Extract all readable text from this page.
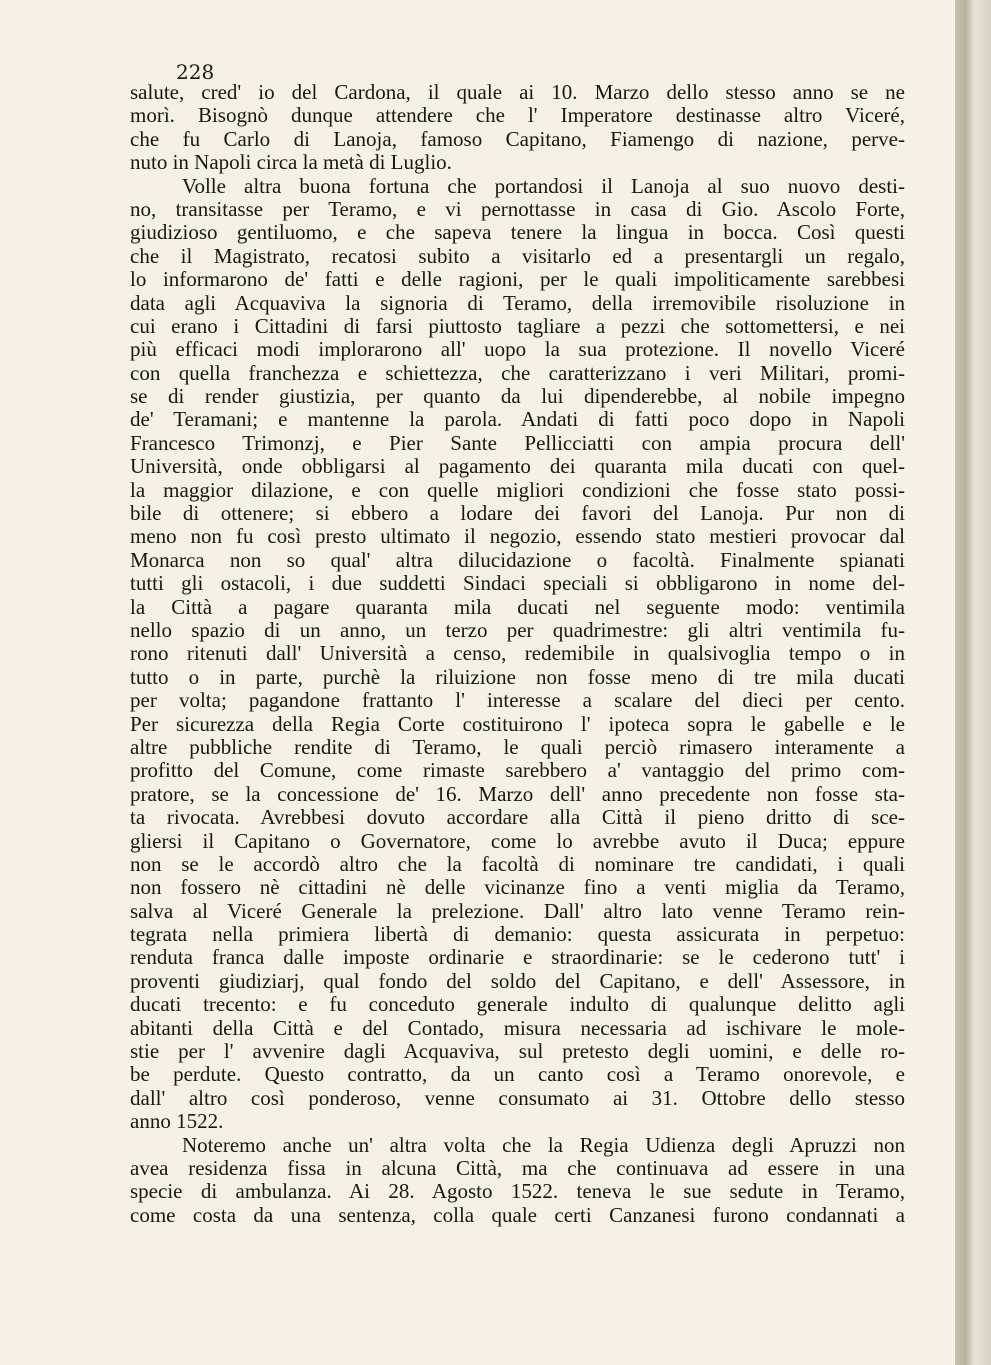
228
salute, cred' io del Cardona, il quale ai 10. Marzo dello stesso anno se ne
morì. Bisognò dunque attendere che l' Imperatore destinasse altro Viceré,
che fu Carlo di Lanoja, famoso Capitano, Fiamengo di nazione, perve-
nuto in Napoli circa la metà di Luglio.
Volle altra buona fortuna che portandosi il Lanoja al suo nuovo desti-
no, transitasse per Teramo, e vi pernottasse in casa di Gio. Ascolo Forte,
giudizioso gentiluomo, e che sapeva tenere la lingua in bocca. Così questi
che il Magistrato, recatosi subito a visitarlo ed a presentargli un regalo,
lo informarono de' fatti e delle ragioni, per le quali impoliticamente sarebbesi
data agli Acquaviva la signoria di Teramo, della irremovibile risoluzione in
cui erano i Cittadini di farsi piuttosto tagliare a pezzi che sottomettersi, e nei
più efficaci modi implorarono all' uopo la sua protezione. Il novello Viceré
con quella franchezza e schiettezza, che caratterizzano i veri Militari, promi-
se di render giustizia, per quanto da lui dipenderebbe, al nobile impegno
de' Teramani; e mantenne la parola. Andati di fatti poco dopo in Napoli
Francesco Trimonzj, e Pier Sante Pellicciatti con ampia procura dell'
Università, onde obbligarsi al pagamento dei quaranta mila ducati con quel-
la maggior dilazione, e con quelle migliori condizioni che fosse stato possi-
bile di ottenere; si ebbero a lodare dei favori del Lanoja. Pur non di
meno non fu così presto ultimato il negozio, essendo stato mestieri provocar dal
Monarca non so qual' altra dilucidazione o facoltà. Finalmente spianati
tutti gli ostacoli, i due suddetti Sindaci speciali si obbligarono in nome del-
la Città a pagare quaranta mila ducati nel seguente modo: ventimila
nello spazio di un anno, un terzo per quadrimestre: gli altri ventimila fu-
rono ritenuti dall' Università a censo, redemibile in qualsivoglia tempo o in
tutto o in parte, purchè la riluizione non fosse meno di tre mila ducati
per volta; pagandone frattanto l' interesse a scalare del dieci per cento.
Per sicurezza della Regia Corte costituirono l' ipoteca sopra le gabelle e le
altre pubbliche rendite di Teramo, le quali perciò rimasero interamente a
profitto del Comune, come rimaste sarebbero a' vantaggio del primo com-
pratore, se la concessione de' 16. Marzo dell' anno precedente non fosse sta-
ta rivocata. Avrebbesi dovuto accordare alla Città il pieno dritto di sce-
gliersi il Capitano o Governatore, come lo avrebbe avuto il Duca; eppure
non se le accordò altro che la facoltà di nominare tre candidati, i quali
non fossero nè cittadini nè delle vicinanze fino a venti miglia da Teramo,
salva al Viceré Generale la prelezione. Dall' altro lato venne Teramo rein-
tegrata nella primiera libertà di demanio: questa assicurata in perpetuo:
renduta franca dalle imposte ordinarie e straordinarie: se le cederono tutt' i
proventi giudiziarj, qual fondo del soldo del Capitano, e dell' Assessore, in
ducati trecento: e fu conceduto generale indulto di qualunque delitto agli
abitanti della Città e del Contado, misura necessaria ad ischivare le mole-
stie per l' avvenire dagli Acquaviva, sul pretesto degli uomini, e delle ro-
be perdute. Questo contratto, da un canto così a Teramo onorevole, e
dall' altro così ponderoso, venne consumato ai 31. Ottobre dello stesso
anno 1522.
Noteremo anche un' altra volta che la Regia Udienza degli Apruzzi non
avea residenza fissa in alcuna Città, ma che continuava ad essere in una
specie di ambulanza. Ai 28. Agosto 1522. teneva le sue sedute in Teramo,
come costa da una sentenza, colla quale certi Canzanesi furono condannati a
